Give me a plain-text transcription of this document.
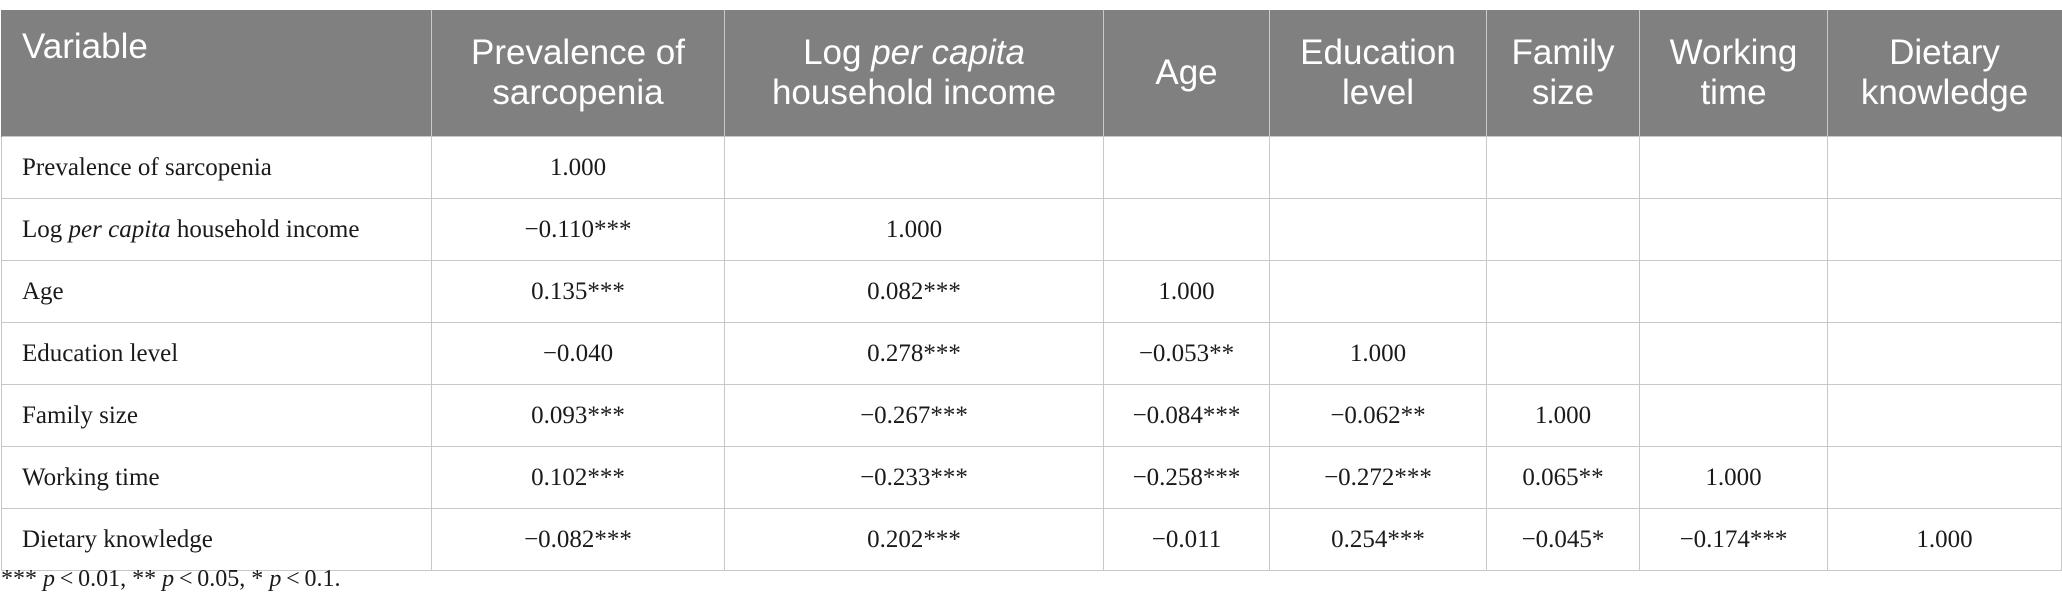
Variable	Prevalence of sarcopenia	Log per capita
household income	Age	Education level	Family size	Working time	Dietary knowledge
Prevalence of sarcopenia	1.000						
Log per capita household income	−0.110***	1.000					
Age	0.135***	0.082***	1.000				
Education level	−0.040	0.278***	−0.053**	1.000			
Family size	0.093***	−0.267***	−0.084***	−0.062**	1.000		
Working time	0.102***	−0.233***	−0.258***	−0.272***	0.065**	1.000	
Dietary knowledge	−0.082***	0.202***	−0.011	0.254***	−0.045*	−0.174***	1.000
*** p < 0.01, ** p < 0.05, * p < 0.1.
